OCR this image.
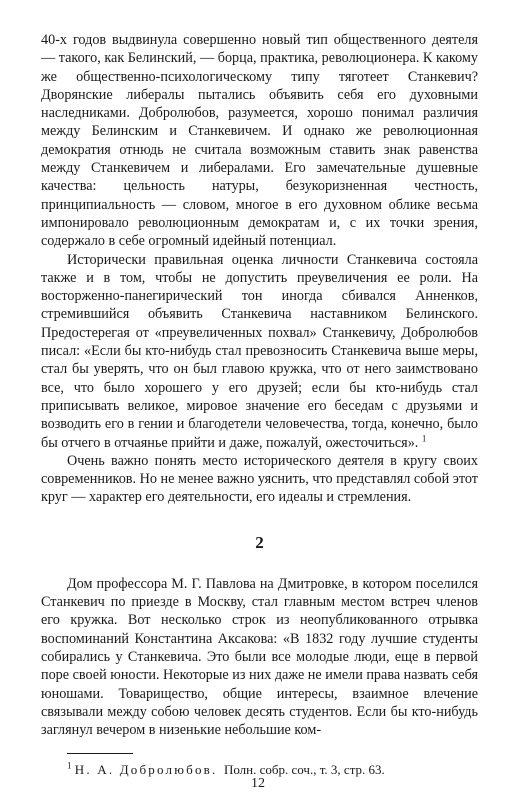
40-х годов выдвинула совершенно новый тип общественного деятеля — такого, как Белинский, — борца, практика, революционера. К какому же общественно-психологическому типу тяготеет Станкевич? Дворянские либералы пытались объявить себя его духовными наследниками. Добролюбов, разумеется, хорошо понимал различия между Белинским и Станкевичем. И однако же революционная демократия отнюдь не считала возможным ставить знак равенства между Станкевичем и либералами. Его замечательные душевные качества: цельность натуры, безукоризненная честность, принципиальность — словом, многое в его духовном облике весьма импонировало революционным демократам и, с их точки зрения, содержало в себе огромный идейный потенциал.

Исторически правильная оценка личности Станкевича состояла также и в том, чтобы не допустить преувеличения ее роли. На восторженно-панегирический тон иногда сбивался Анненков, стремившийся объявить Станкевича наставником Белинского. Предостерегая от «преувеличенных похвал» Станкевичу, Добролюбов писал: «Если бы кто-нибудь стал превозносить Станкевича выше меры, стал бы уверять, что он был главою кружка, что от него заимствовано все, что было хорошего у его друзей; если бы кто-нибудь стал приписывать великое, мировое значение его беседам с друзьями и возводить его в гении и благодетели человечества, тогда, конечно, было бы отчего в отчаянье прийти и даже, пожалуй, ожесточиться». $^1$

Очень важно понять место исторического деятеля в кругу своих современников. Но не менее важно уяснить, что представлял собой этот круг — характер его деятельности, его идеалы и стремления.

2

Дом профессора М. Г. Павлова на Дмитровке, в котором поселился Станкевич по приезде в Москву, стал главным местом встреч членов его кружка. Вот несколько строк из неопубликованного отрывка воспоминаний Константина Аксакова: «В 1832 году лучшие студенты собирались у Станкевича. Это были все молодые люди, еще в первой поре своей юности. Некоторые из них даже не имели права назвать себя юношами. Товарищество, общие интересы, взаимное влечение связывали между собою человек десять студентов. Если бы кто-нибудь заглянул вечером в низенькие небольшие ком-

$^1$ Н. А. Добролюбов. Полн. собр. соч., т. 3, стр. 63.

12
